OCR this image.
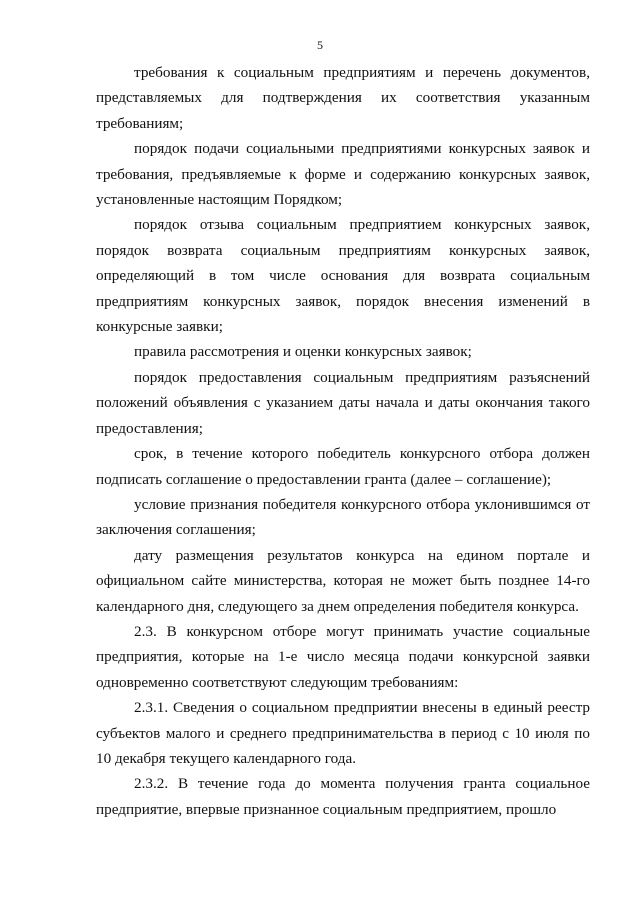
5

требования к социальным предприятиям и перечень документов, представляемых для подтверждения их соответствия указанным требованиям;

порядок подачи социальными предприятиями конкурсных заявок и требования, предъявляемые к форме и содержанию конкурсных заявок, установленные настоящим Порядком;

порядок отзыва социальным предприятием конкурсных заявок, порядок возврата социальным предприятиям конкурсных заявок, определяющий в том числе основания для возврата социальным предприятиям конкурсных заявок, порядок внесения изменений в конкурсные заявки;

правила рассмотрения и оценки конкурсных заявок;

порядок предоставления социальным предприятиям разъяснений положений объявления с указанием даты начала и даты окончания такого предоставления;

срок, в течение которого победитель конкурсного отбора должен подписать соглашение о предоставлении гранта (далее – соглашение);

условие признания победителя конкурсного отбора уклонившимся от заключения соглашения;

дату размещения результатов конкурса на едином портале и официальном сайте министерства, которая не может быть позднее 14-го календарного дня, следующего за днем определения победителя конкурса.

2.3. В конкурсном отборе могут принимать участие социальные предприятия, которые на 1-е число месяца подачи конкурсной заявки одновременно соответствуют следующим требованиям:

2.3.1. Сведения о социальном предприятии внесены в единый реестр субъектов малого и среднего предпринимательства в период с 10 июля по 10 декабря текущего календарного года.

2.3.2. В течение года до момента получения гранта социальное предприятие, впервые признанное социальным предприятием, прошло
